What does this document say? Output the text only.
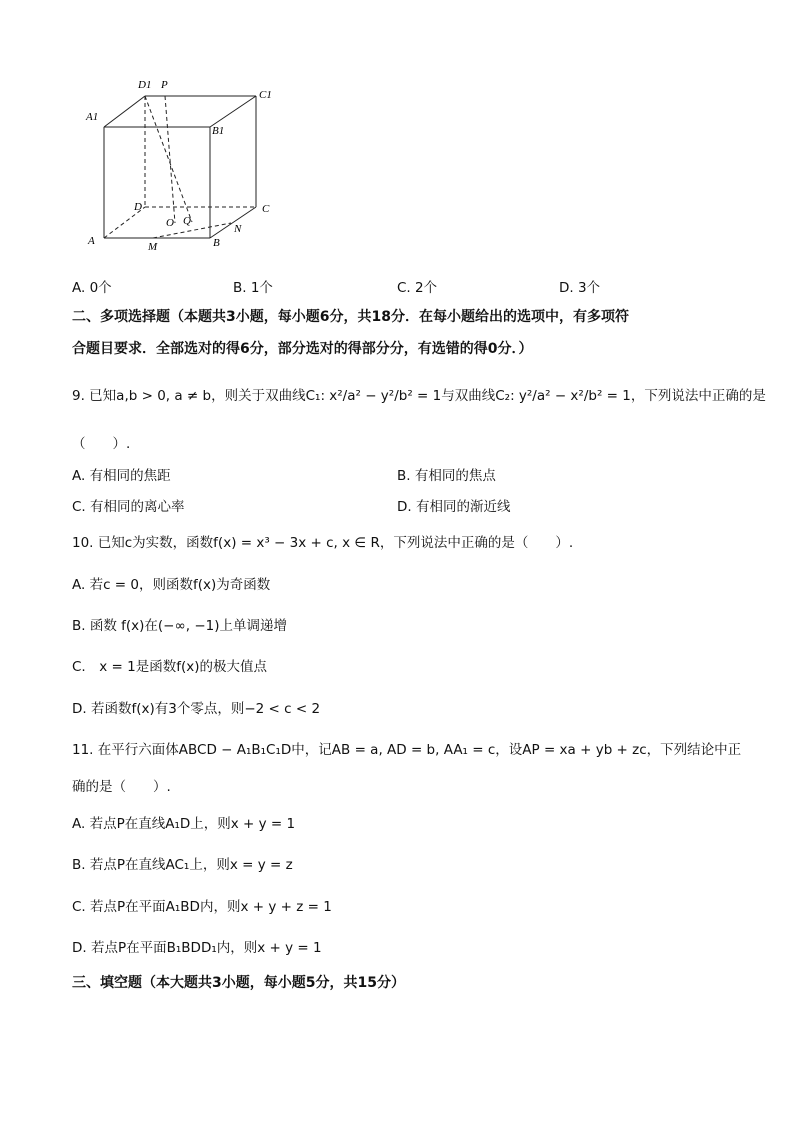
D1 P
C1
A1
B1
D	C
O Q
A	M	B
N
A. 0个	B. 1个	C. 2个	D. 3个
二、多项选择题（本题共3小题，每小题6分，共18分．在每小题给出的选项中，有多项符
合题目要求．全部选对的得6分，部分选对的得部分分，有选错的得0分．）
9. 已知a,b > 0, a ≠ b，则关于双曲线C₁: x²/a² − y²/b² = 1与双曲线C₂: y²/a² − x²/b² = 1，下列说法中正确的是
（　　）.
A. 有相同的焦距	B. 有相同的焦点
C. 有相同的离心率	D. 有相同的渐近线
10. 已知c为实数，函数f(x) = x³ − 3x + c, x ∈ R，下列说法中正确的是（　　）.
A. 若c = 0，则函数f(x)为奇函数
B. 函数 f(x)在(−∞, −1)上单调递增
C.　x = 1是函数f(x)的极大值点
D. 若函数f(x)有3个零点，则−2 < c < 2
11. 在平行六面体ABCD − A₁B₁C₁D中，记AB = a, AD = b, AA₁ = c，设AP = xa + yb + zc，下列结论中正
确的是（　　）.
A. 若点P在直线A₁D上，则x + y = 1
B. 若点P在直线AC₁上，则x = y = z
C. 若点P在平面A₁BD内，则x + y + z = 1
D. 若点P在平面B₁BDD₁内，则x + y = 1
三、填空题（本大题共3小题，每小题5分，共15分）
